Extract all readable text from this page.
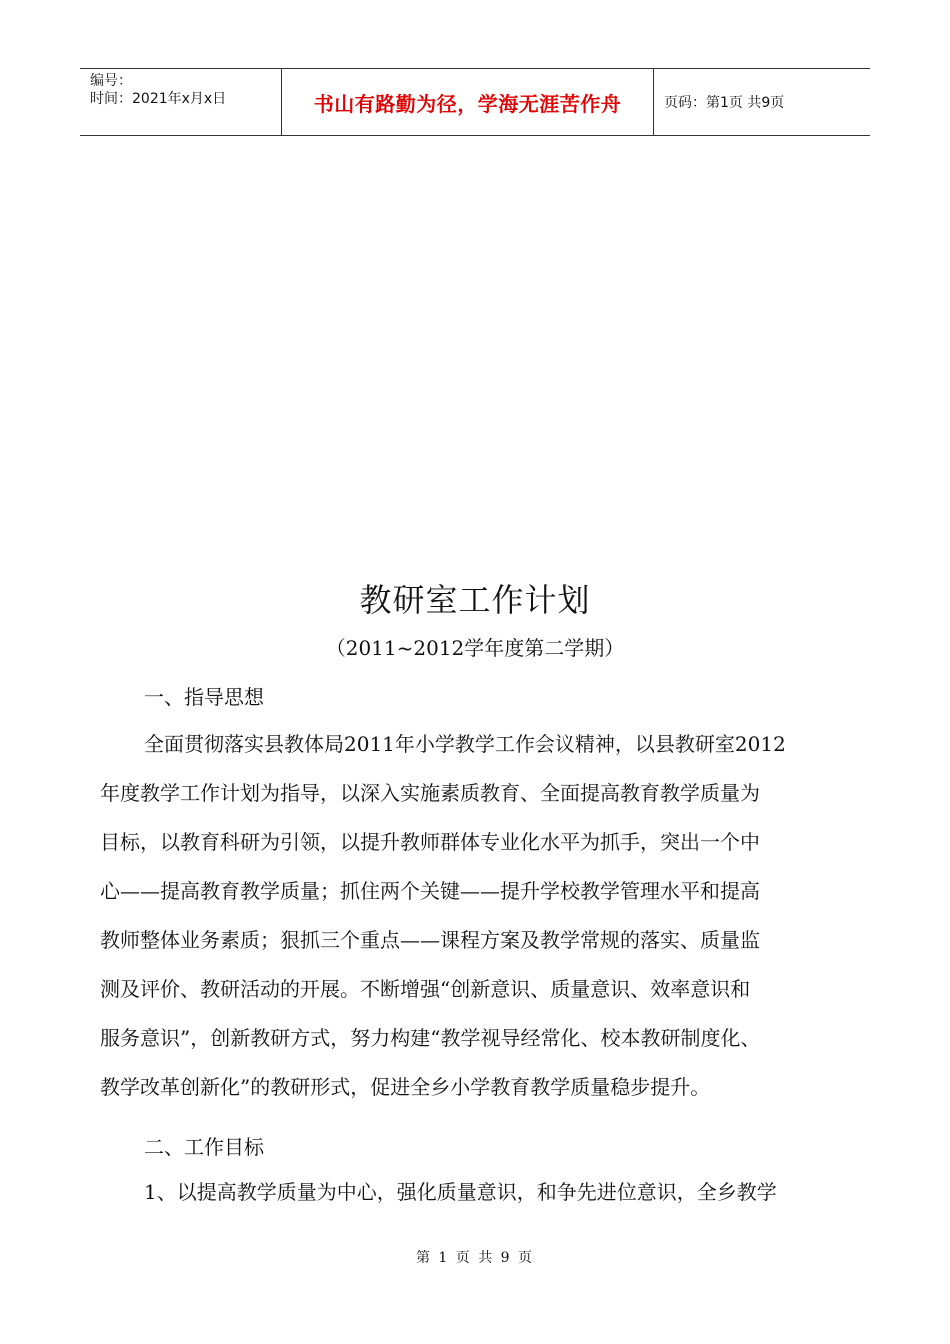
编号：
时间：2021年x月x日	书山有路勤为径，学海无涯苦作舟	页码：第1页 共9页
教研室工作计划
（2011~2012学年度第二学期）
一、指导思想
全面贯彻落实县教体局2011年小学教学工作会议精神，以县教研室2012
年度教学工作计划为指导，以深入实施素质教育、全面提高教育教学质量为
目标，以教育科研为引领，以提升教师群体专业化水平为抓手，突出一个中
心——提高教育教学质量；抓住两个关键——提升学校教学管理水平和提高
教师整体业务素质；狠抓三个重点——课程方案及教学常规的落实、质量监
测及评价、教研活动的开展。不断增强“创新意识、质量意识、效率意识和
服务意识”，创新教研方式，努力构建“教学视导经常化、校本教研制度化、
教学改革创新化”的教研形式，促进全乡小学教育教学质量稳步提升。
二、工作目标
1、以提高教学质量为中心，强化质量意识，和争先进位意识，全乡教学
第 1 页 共 9 页
